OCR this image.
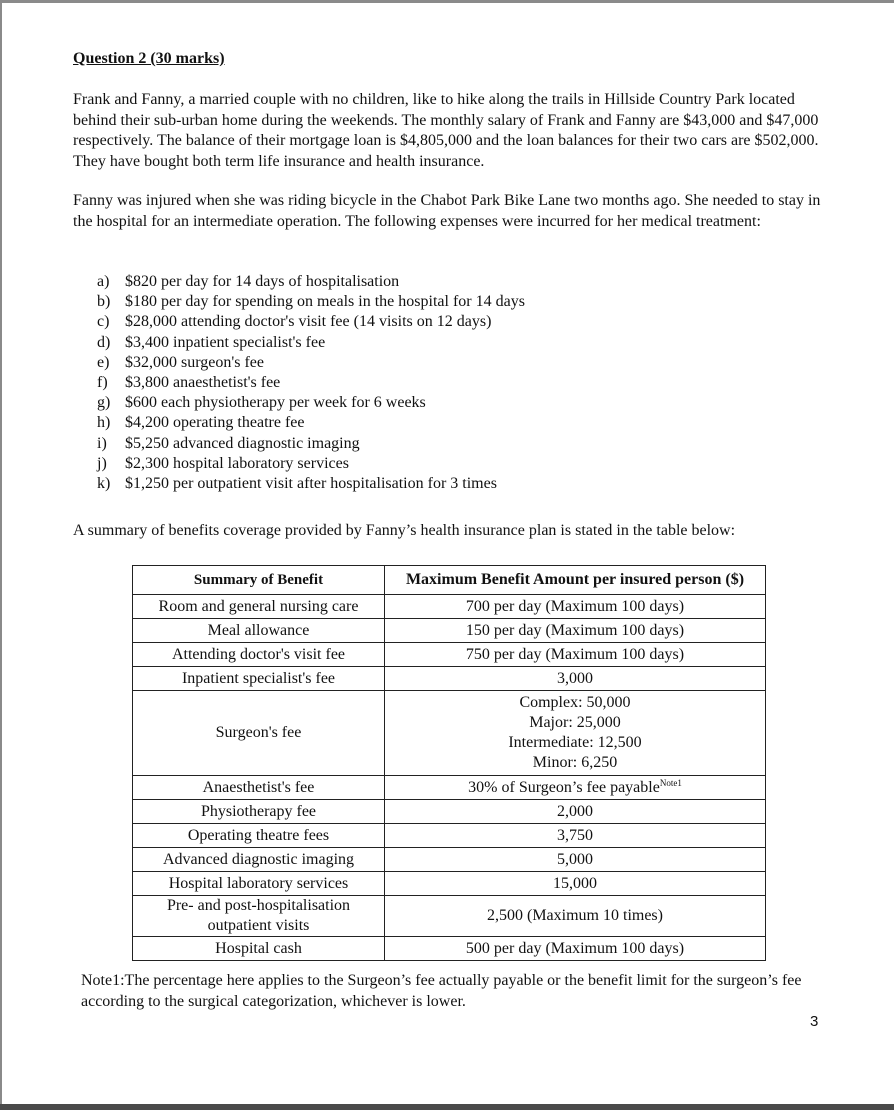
Question 2 (30 marks)
Frank and Fanny, a married couple with no children, like to hike along the trails in Hillside Country Park located behind their sub-urban home during the weekends. The monthly salary of Frank and Fanny are $43,000 and $47,000 respectively. The balance of their mortgage loan is $4,805,000 and the loan balances for their two cars are $502,000. They have bought both term life insurance and health insurance.
Fanny was injured when she was riding bicycle in the Chabot Park Bike Lane two months ago. She needed to stay in the hospital for an intermediate operation. The following expenses were incurred for her medical treatment:
a) $820 per day for 14 days of hospitalisation
b) $180 per day for spending on meals in the hospital for 14 days
c) $28,000 attending doctor's visit fee (14 visits on 12 days)
d) $3,400 inpatient specialist's fee
e) $32,000 surgeon's fee
f) $3,800 anaesthetist's fee
g) $600 each physiotherapy per week for 6 weeks
h) $4,200 operating theatre fee
i) $5,250 advanced diagnostic imaging
j) $2,300 hospital laboratory services
k) $1,250 per outpatient visit after hospitalisation for 3 times
A summary of benefits coverage provided by Fanny’s health insurance plan is stated in the table below:
Summary of Benefit	Maximum Benefit Amount per insured person ($)
Room and general nursing care	700 per day (Maximum 100 days)
Meal allowance	150 per day (Maximum 100 days)
Attending doctor's visit fee	750 per day (Maximum 100 days)
Inpatient specialist's fee	3,000
Surgeon's fee	Complex: 50,000
Major: 25,000
Intermediate: 12,500
Minor: 6,250

Anaesthetist's fee	30% of Surgeon’s fee payable$^{Note1}$
Physiotherapy fee	2,000
Operating theatre fees	3,750
Advanced diagnostic imaging	5,000
Hospital laboratory services	15,000
Pre- and post-hospitalisation outpatient visits	2,500 (Maximum 10 times)
Hospital cash	500 per day (Maximum 100 days)
Note1:The percentage here applies to the Surgeon’s fee actually payable or the benefit limit for the surgeon’s fee according to the surgical categorization, whichever is lower.
3
